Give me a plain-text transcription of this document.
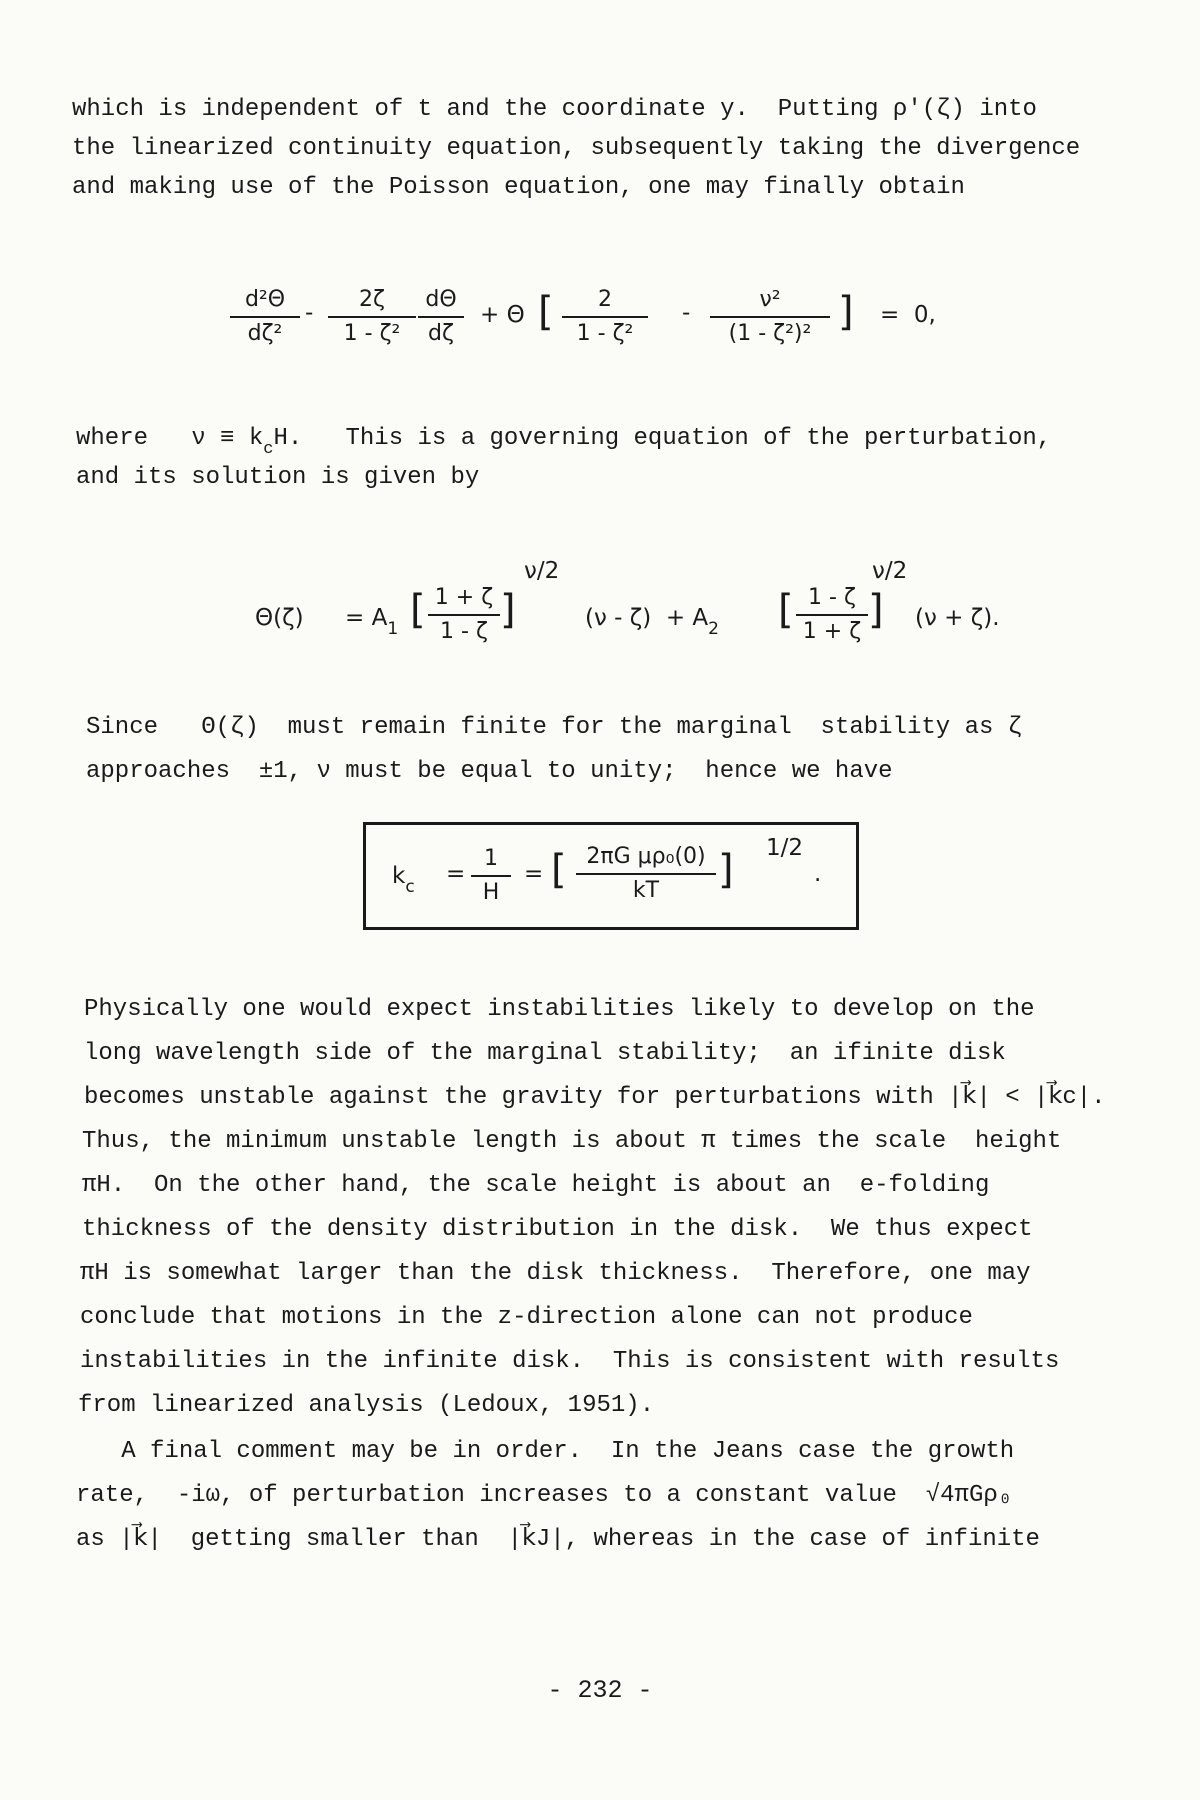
which is independent of t and the coordinate y.  Putting ρ'(ζ) into
the linearized continuity equation, subsequently taking the divergence
and making use of the Poisson equation, one may finally obtain
d²Θ
dζ²
-
2ζ
1 - ζ²
dΘ
dζ
+ Θ [	2
1 - ζ²
-
ν²
(1 - ζ²)² ] =  0,
where $\nu \equiv k_cH$. This is a governing equation of the perturbation,
and its solution is given by
$\Theta(\zeta) = A_1$ [ 1 + ζ
1 - ζ ]
ν/2
$(\nu - \zeta) + A_2$ [ 1 - ζ
1 + ζ ]
ν/2
(ν + ζ).
Since Θ(ζ) must remain finite for the marginal  stability as ζ
approaches  ±1, ν must be equal to unity;  hence we have
$k_c$ =
1
H
= [ 2πG μρ₀(0)
kT	] 1/2
.
Physically one would expect instabilities likely to develop on the
long wavelength side of the marginal stability;  an ifinite disk
becomes unstable against the gravity for perturbations with |k⃗| < |k⃗c|.
Thus, the minimum unstable length is about π times the scale  height
πH.  On the other hand, the scale height is about an  e-folding
thickness of the density distribution in the disk.  We thus expect
πH is somewhat larger than the disk thickness.  Therefore, one may
conclude that motions in the z-direction alone can not produce
instabilities in the infinite disk.  This is consistent with results
from linearized analysis (Ledoux, 1951).
A final comment may be in order.  In the Jeans case the growth
rate,  -iω, of perturbation increases to a constant value  √4πGρ₀
as |k⃗|  getting smaller than  |k⃗J|, whereas in the case of infinite
- 232 -
